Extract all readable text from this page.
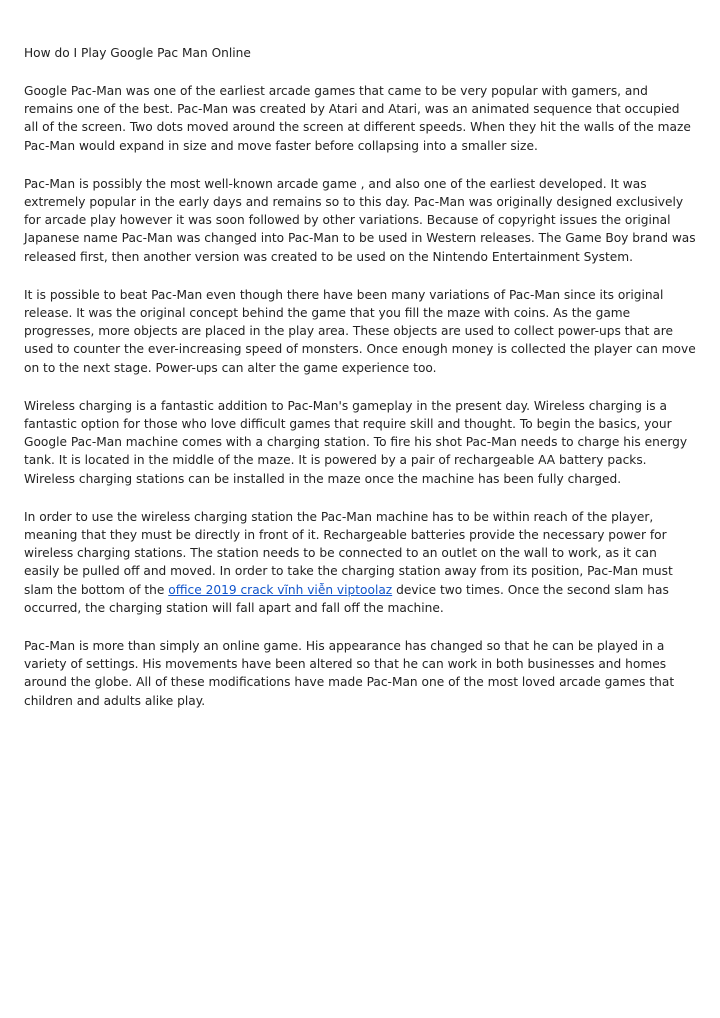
How do I Play Google Pac Man Online

Google Pac-Man was one of the earliest arcade games that came to be very popular with gamers, and remains one of the best. Pac-Man was created by Atari and Atari, was an animated sequence that occupied all of the screen. Two dots moved around the screen at different speeds. When they hit the walls of the maze Pac-Man would expand in size and move faster before collapsing into a smaller size.

Pac-Man is possibly the most well-known arcade game , and also one of the earliest developed. It was extremely popular in the early days and remains so to this day. Pac-Man was originally designed exclusively for arcade play however it was soon followed by other variations. Because of copyright issues the original Japanese name Pac-Man was changed into Pac-Man to be used in Western releases. The Game Boy brand was released first, then another version was created to be used on the Nintendo Entertainment System.

It is possible to beat Pac-Man even though there have been many variations of Pac-Man since its original release. It was the original concept behind the game that you fill the maze with coins. As the game progresses, more objects are placed in the play area. These objects are used to collect power-ups that are used to counter the ever-increasing speed of monsters. Once enough money is collected the player can move on to the next stage. Power-ups can alter the game experience too.

Wireless charging is a fantastic addition to Pac-Man's gameplay in the present day. Wireless charging is a fantastic option for those who love difficult games that require skill and thought. To begin the basics, your Google Pac-Man machine comes with a charging station. To fire his shot Pac-Man needs to charge his energy tank. It is located in the middle of the maze. It is powered by a pair of rechargeable AA battery packs. Wireless charging stations can be installed in the maze once the machine has been fully charged.

In order to use the wireless charging station the Pac-Man machine has to be within reach of the player, meaning that they must be directly in front of it. Rechargeable batteries provide the necessary power for wireless charging stations. The station needs to be connected to an outlet on the wall to work, as it can easily be pulled off and moved. In order to take the charging station away from its position, Pac-Man must slam the bottom of the office 2019 crack vĩnh viễn viptoolaz device two times. Once the second slam has occurred, the charging station will fall apart and fall off the machine.

Pac-Man is more than simply an online game. His appearance has changed so that he can be played in a variety of settings. His movements have been altered so that he can work in both businesses and homes around the globe. All of these modifications have made Pac-Man one of the most loved arcade games that children and adults alike play.
